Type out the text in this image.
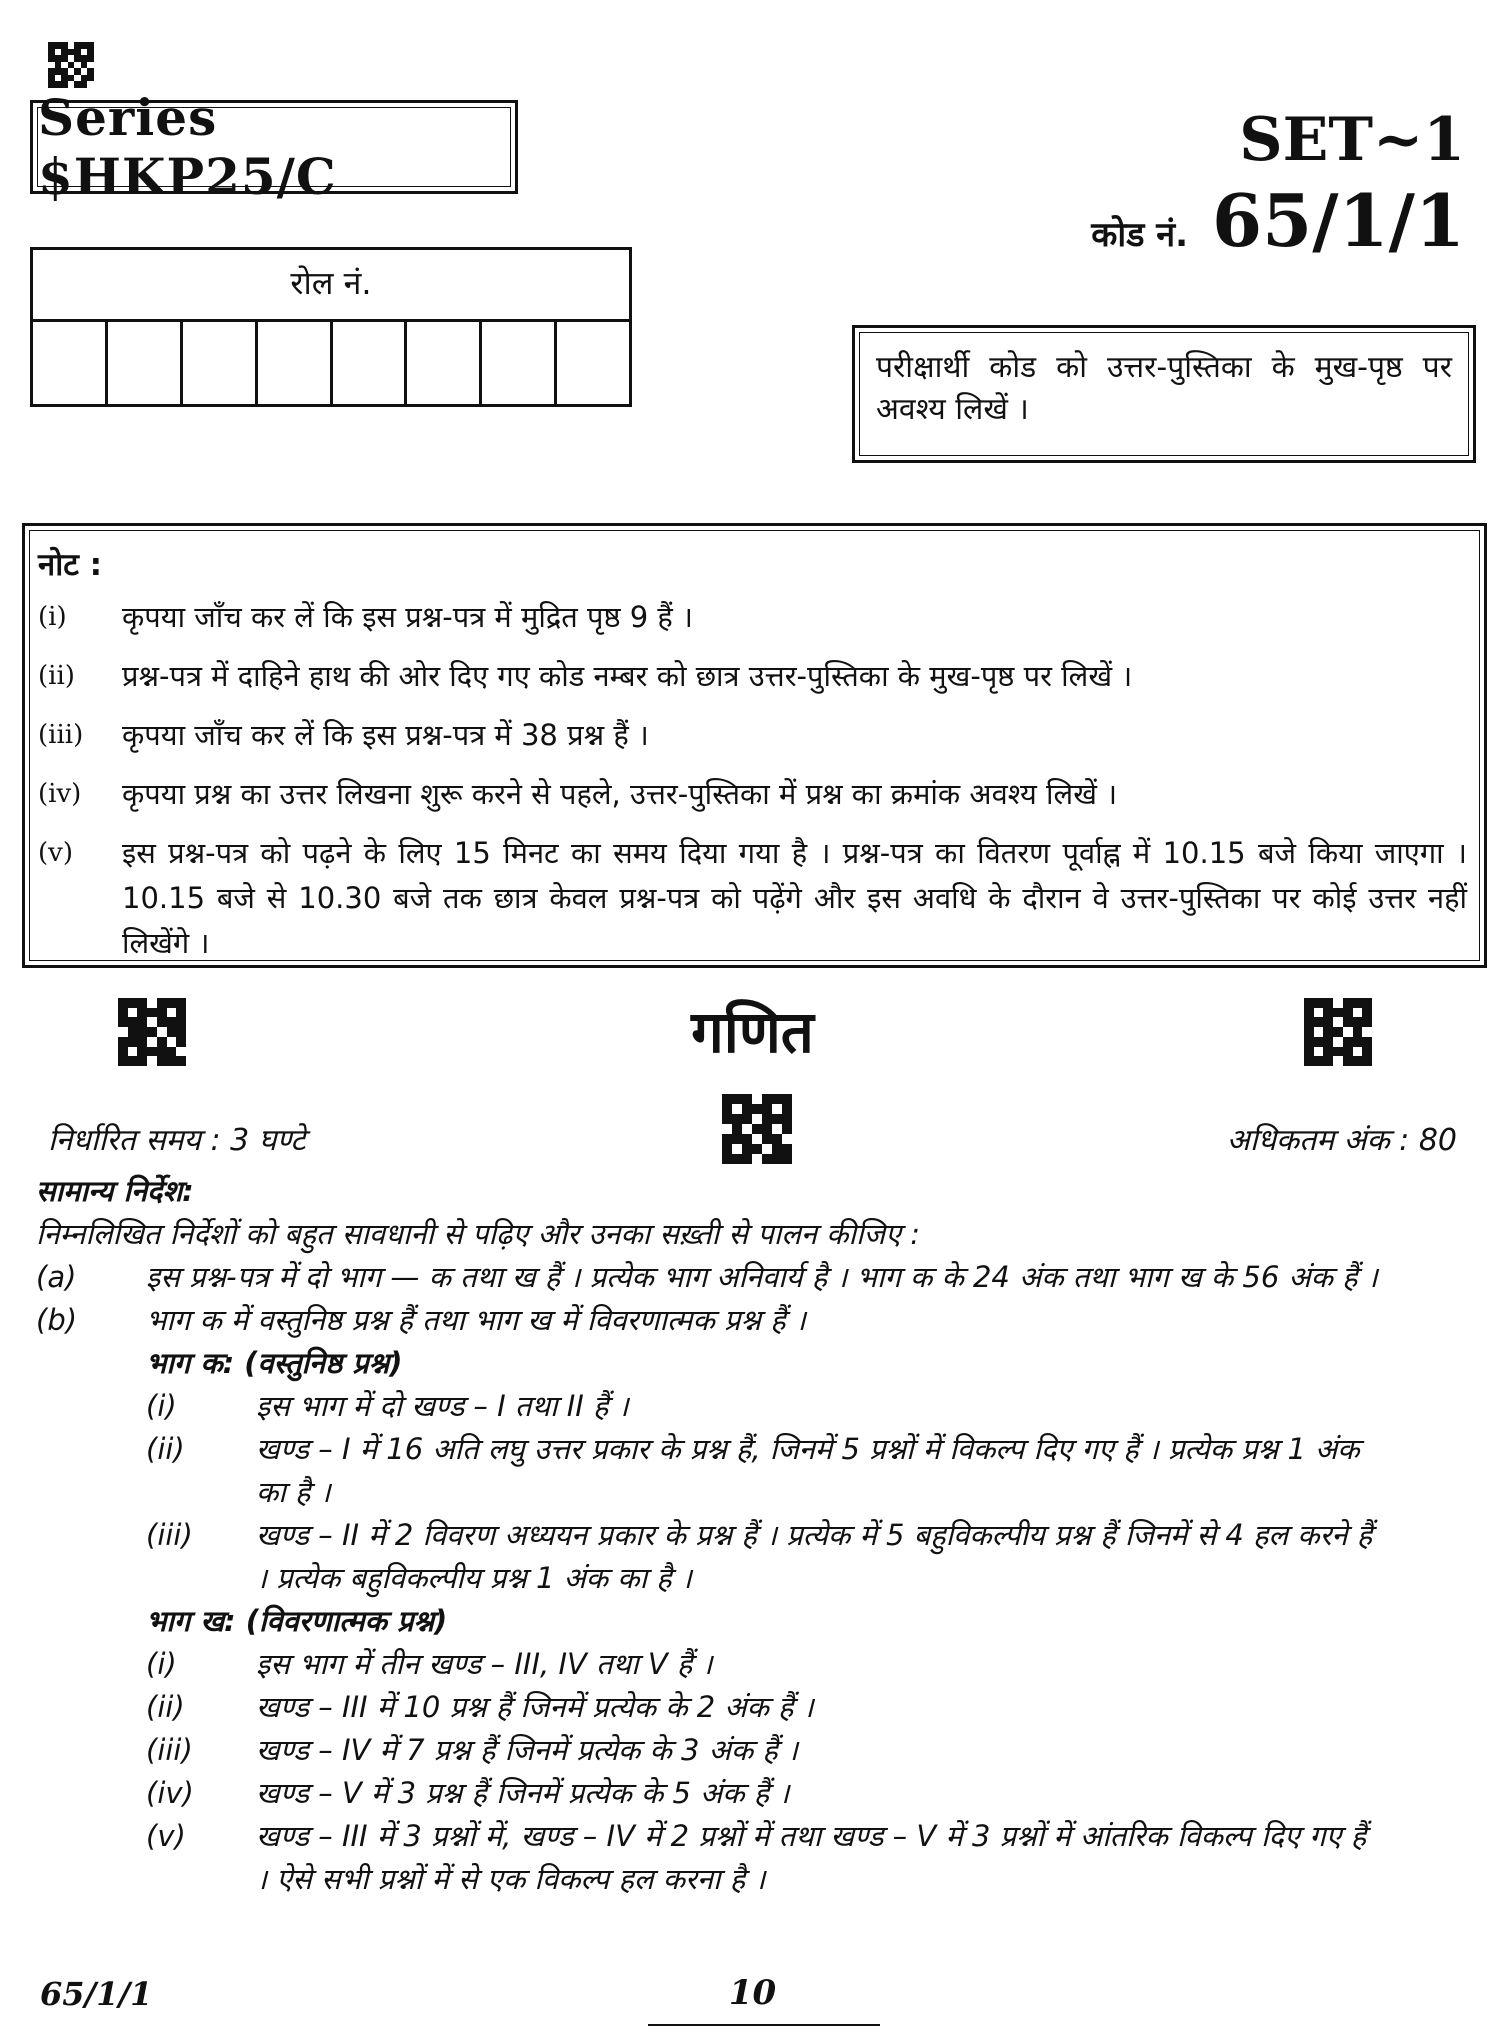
Series $HKP25/C
SET~1
कोड नं. 65/1/1
रोल नं.
परीक्षार्थी कोड को उत्तर-पुस्तिका के मुख-पृष्ठ पर अवश्य लिखें ।
नोट :
(i)	कृपया जाँच कर लें कि इस प्रश्न-पत्र में मुद्रित पृष्ठ 9 हैं ।
(ii)	प्रश्न-पत्र में दाहिने हाथ की ओर दिए गए कोड नम्बर को छात्र उत्तर-पुस्तिका के मुख-पृष्ठ पर लिखें ।
(iii)	कृपया जाँच कर लें कि इस प्रश्न-पत्र में 38 प्रश्न हैं ।
(iv)	कृपया प्रश्न का उत्तर लिखना शुरू करने से पहले, उत्तर-पुस्तिका में प्रश्न का क्रमांक अवश्य लिखें ।
(v)	इस प्रश्न-पत्र को पढ़ने के लिए 15 मिनट का समय दिया गया है । प्रश्न-पत्र का वितरण पूर्वाह्न में 10.15 बजे किया जाएगा । 10.15 बजे से 10.30 बजे तक छात्र केवल प्रश्न-पत्र को पढ़ेंगे और इस अवधि के दौरान वे उत्तर-पुस्तिका पर कोई उत्तर नहीं लिखेंगे ।
गणित
निर्धारित समय : 3 घण्टे	अधिकतम अंक : 80
सामान्य निर्देश:
निम्नलिखित निर्देशों को बहुत सावधानी से पढ़िए और उनका सख़्ती से पालन कीजिए :
(a)	इस प्रश्न-पत्र में दो भाग — क तथा ख हैं । प्रत्येक भाग अनिवार्य है । भाग क के 24 अंक तथा भाग ख के 56 अंक हैं ।
(b)	भाग क में वस्तुनिष्ठ प्रश्न हैं तथा भाग ख में विवरणात्मक प्रश्न हैं ।
भाग क: (वस्तुनिष्ठ प्रश्न)
(i)	इस भाग में दो खण्ड – I तथा II हैं ।
(ii)	खण्ड – I में 16 अति लघु उत्तर प्रकार के प्रश्न हैं, जिनमें 5 प्रश्नों में विकल्प दिए गए हैं । प्रत्येक प्रश्न 1 अंक का है ।
(iii)	खण्ड – II में 2 विवरण अध्ययन प्रकार के प्रश्न हैं । प्रत्येक में 5 बहुविकल्पीय प्रश्न हैं जिनमें से 4 हल करने हैं । प्रत्येक बहुविकल्पीय प्रश्न 1 अंक का है ।
भाग ख: (विवरणात्मक प्रश्न)
(i)	इस भाग में तीन खण्ड – III, IV तथा V हैं ।
(ii)	खण्ड – III में 10 प्रश्न हैं जिनमें प्रत्येक के 2 अंक हैं ।
(iii)	खण्ड – IV में 7 प्रश्न हैं जिनमें प्रत्येक के 3 अंक हैं ।
(iv)	खण्ड – V में 3 प्रश्न हैं जिनमें प्रत्येक के 5 अंक हैं ।
(v)	खण्ड – III में 3 प्रश्नों में, खण्ड – IV में 2 प्रश्नों में तथा खण्ड – V में 3 प्रश्नों में आंतरिक विकल्प दिए गए हैं । ऐसे सभी प्रश्नों में से एक विकल्प हल करना है ।
65/1/1	10
